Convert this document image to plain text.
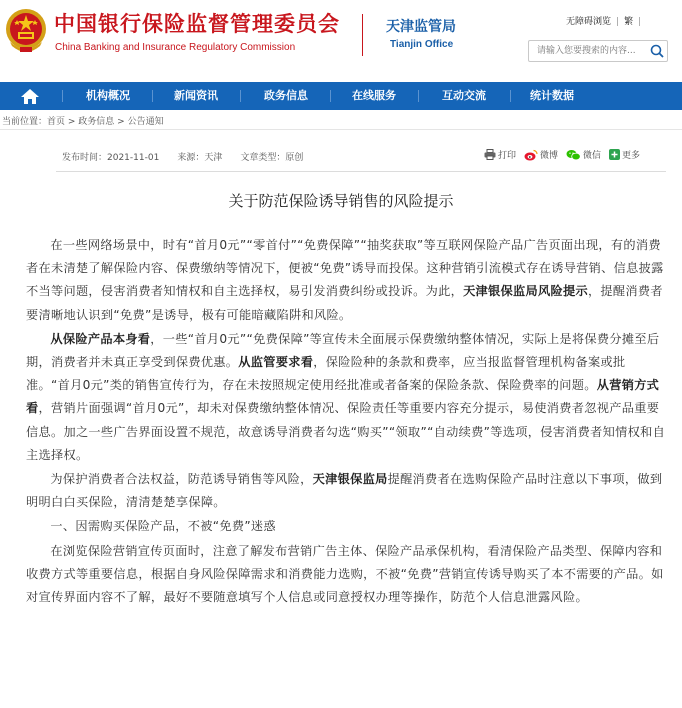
中国银行保险监督管理委员会
China Banking and Insurance Regulatory Commission
天津监管局
Tianjin Office
无障碍浏览 | 繁 |
请输入您要搜索的内容...
机构概况	新闻资讯	政务信息	在线服务	互动交流	统计数据
当前位置：首页 > 政务信息 > 公告通知
发布时间：2021-11-01 来源：天津 文章类型：原创	打印	微博	微信 更多
关于防范保险诱导销售的风险提示

在一些网络场景中，时有“首月0元”“零首付”“免费保障”“抽奖获取”等互联网保险产品广告页面出现，有的消费者在未清楚了解保险内容、保费缴纳等情况下，便被“免费”诱导而投保。这种营销引流模式存在诱导营销、信息披露不当等问题，侵害消费者知情权和自主选择权，易引发消费纠纷或投诉。为此，天津银保监局风险提示，提醒消费者要清晰地认识到“免费”是诱导，极有可能暗藏陷阱和风险。

从保险产品本身看，一些“首月0元”“免费保障”等宣传未全面展示保费缴纳整体情况，实际上是将保费分摊至后期，消费者并未真正享受到保费优惠。从监管要求看，保险险种的条款和费率，应当报监督管理机构备案或批准。“首月0元”类的销售宣传行为，存在未按照规定使用经批准或者备案的保险条款、保险费率的问题。从营销方式看，营销片面强调“首月0元”，却未对保费缴纳整体情况、保险责任等重要内容充分提示，易使消费者忽视产品重要信息。加之一些广告界面设置不规范，故意诱导消费者勾选“购买”“领取”“自动续费”等选项，侵害消费者知情权和自主选择权。

为保护消费者合法权益，防范诱导销售等风险，天津银保监局提醒消费者在选购保险产品时注意以下事项，做到明明白白买保险，清清楚楚享保障。

一、因需购买保险产品，不被“免费”迷惑

在浏览保险营销宣传页面时，注意了解发布营销广告主体、保险产品承保机构，看清保险产品类型、保障内容和收费方式等重要信息，根据自身风险保障需求和消费能力选购，不被“免费”营销宣传诱导购买了本不需要的产品。如对宣传界面内容不了解，最好不要随意填写个人信息或同意授权办理等操作，防范个人信息泄露风险。
